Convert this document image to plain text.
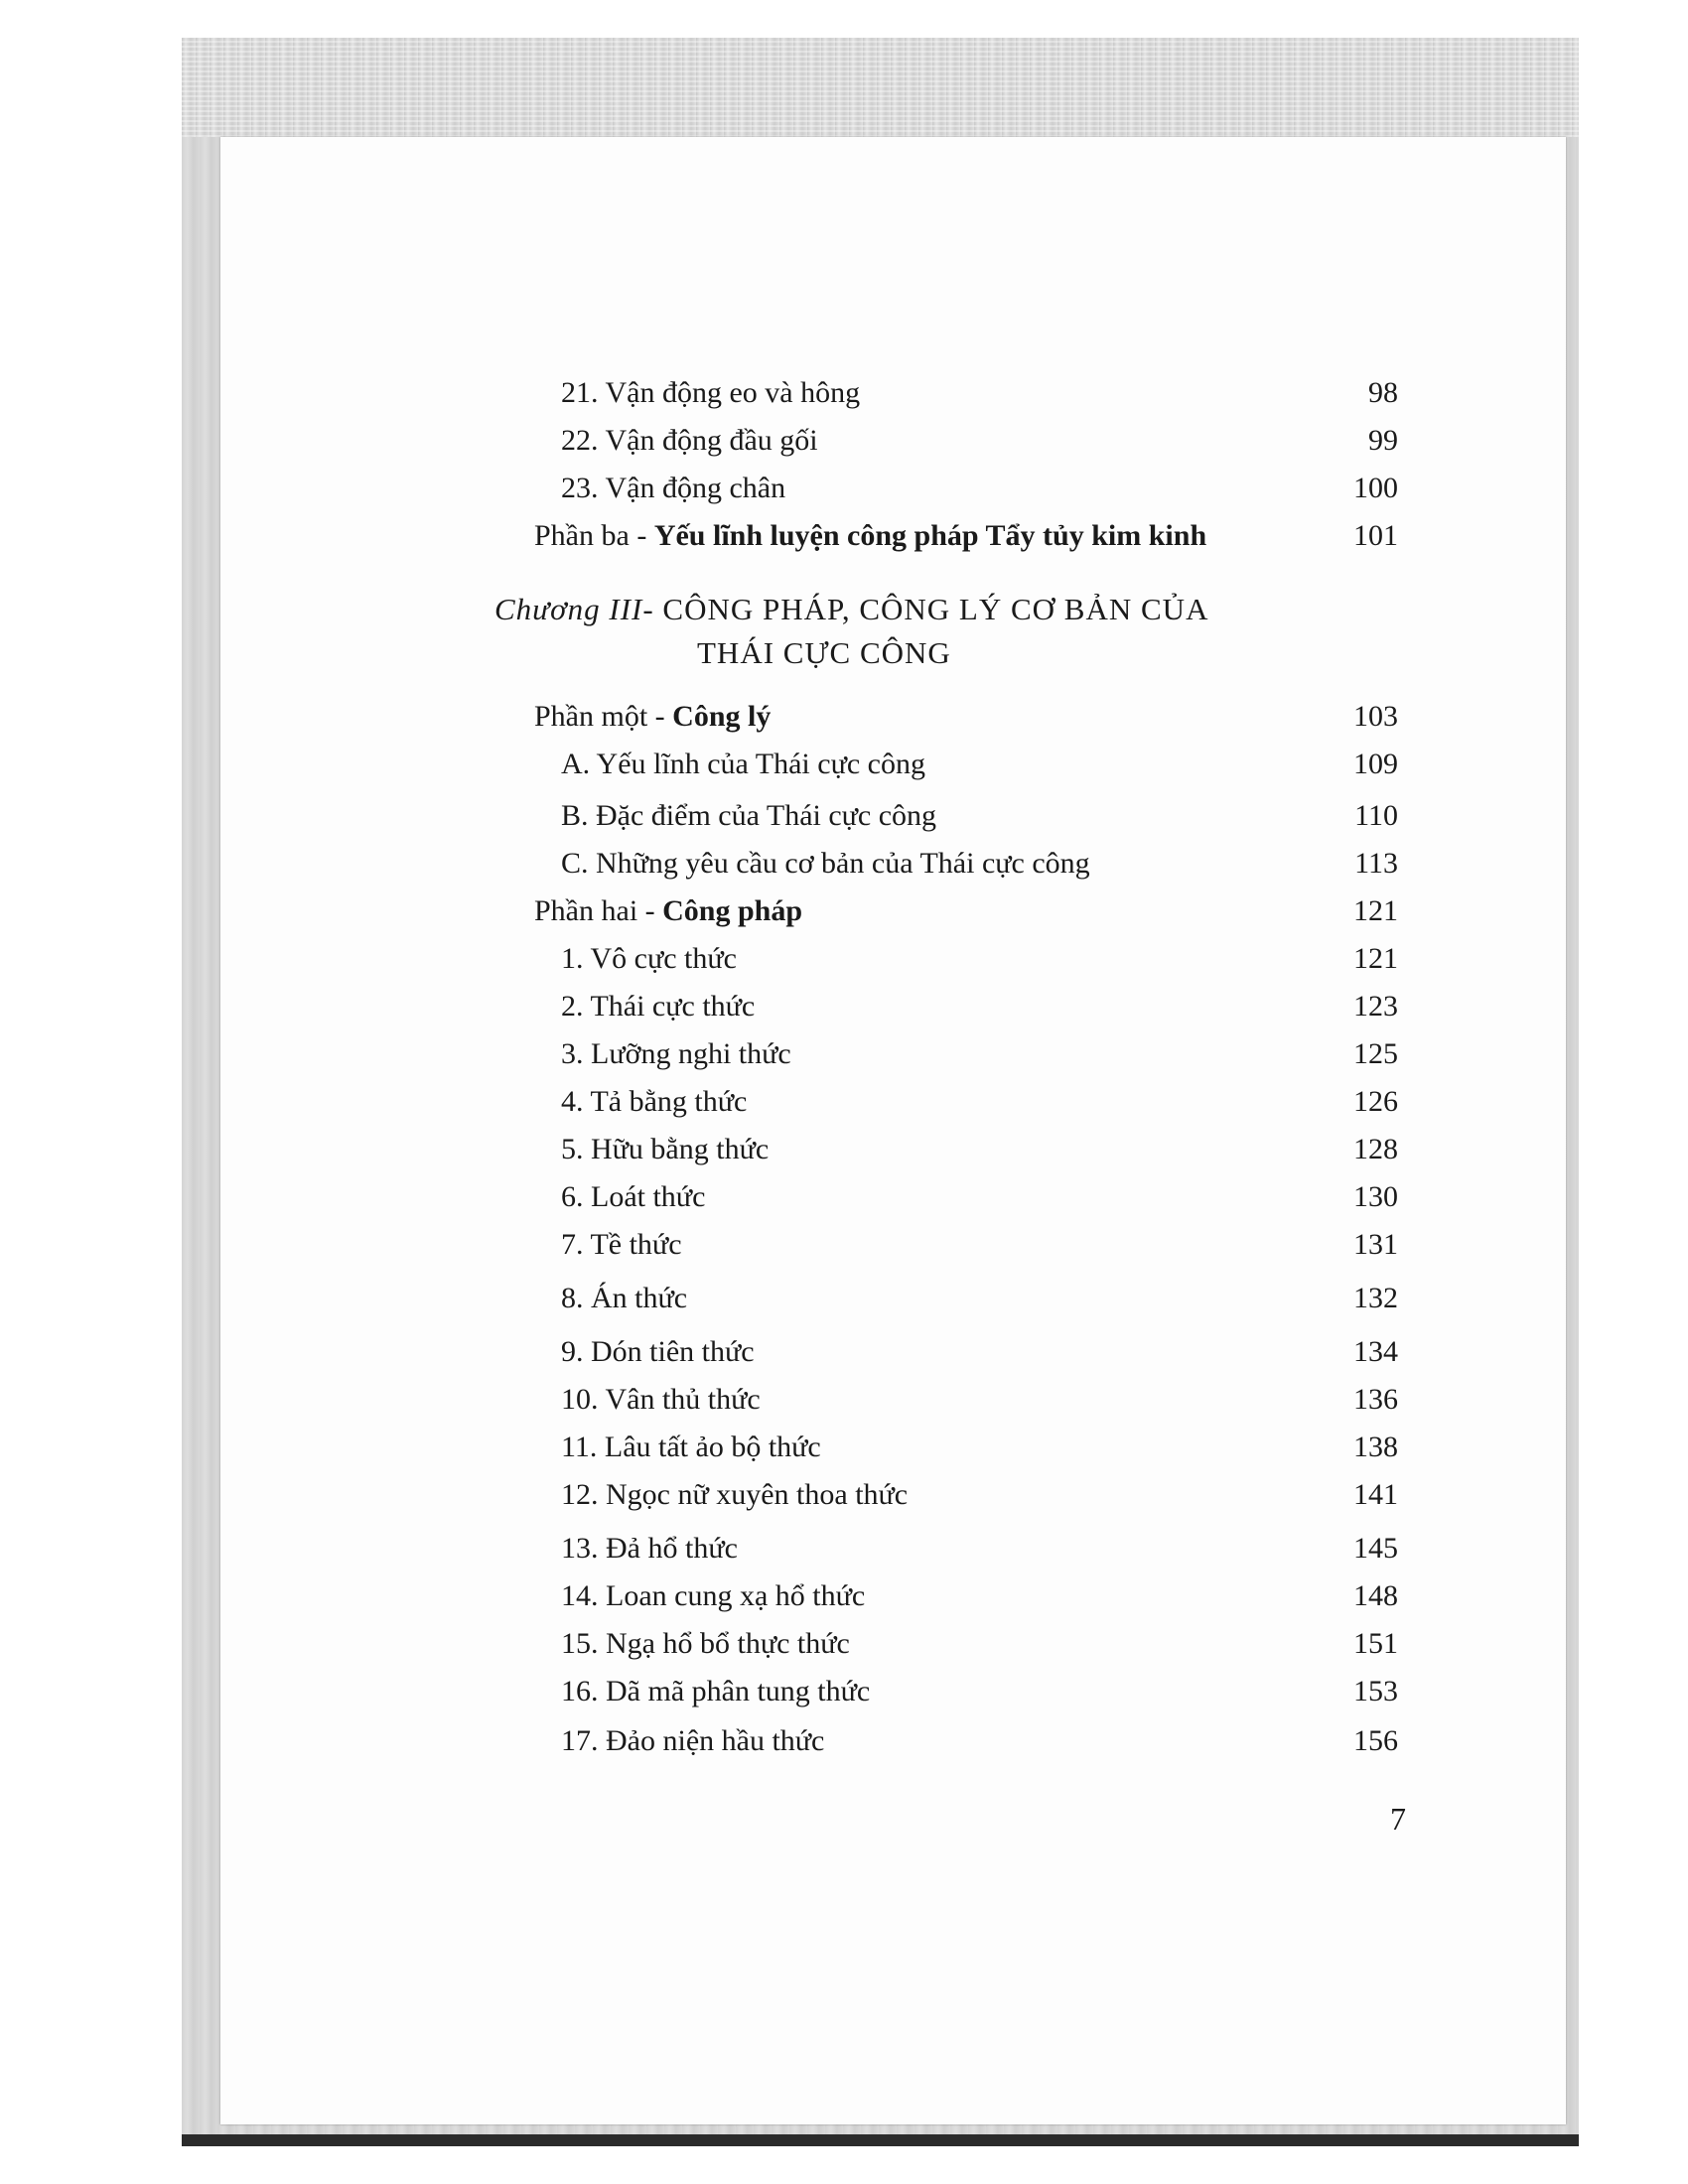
21. Vận động eo và hông	98
22. Vận động đầu gối	99
23. Vận động chân	100
Phần ba - Yếu lĩnh luyện công pháp Tẩy tủy kim kinh	101
Chương III- CÔNG PHÁP, CÔNG LÝ CƠ BẢN CỦA
THÁI CỰC CÔNG
Phần một - Công lý	103
A. Yếu lĩnh của Thái cực công	109
B. Đặc điểm của Thái cực công	110
C. Những yêu cầu cơ bản của Thái cực công	113
Phần hai - Công pháp	121
1. Vô cực thức	121
2. Thái cực thức	123
3. Lưỡng nghi thức	125
4. Tả bằng thức	126
5. Hữu bằng thức	128
6. Loát thức	130
7. Tề thức	131
8. Án thức	132
9. Dón tiên thức	134
10. Vân thủ thức	136
11. Lâu tất ảo bộ thức	138
12. Ngọc nữ xuyên thoa thức	141
13. Đả hổ thức	145
14. Loan cung xạ hổ thức	148
15. Ngạ hổ bổ thực thức	151
16. Dã mã phân tung thức	153
17. Đảo niện hầu thức	156
7
